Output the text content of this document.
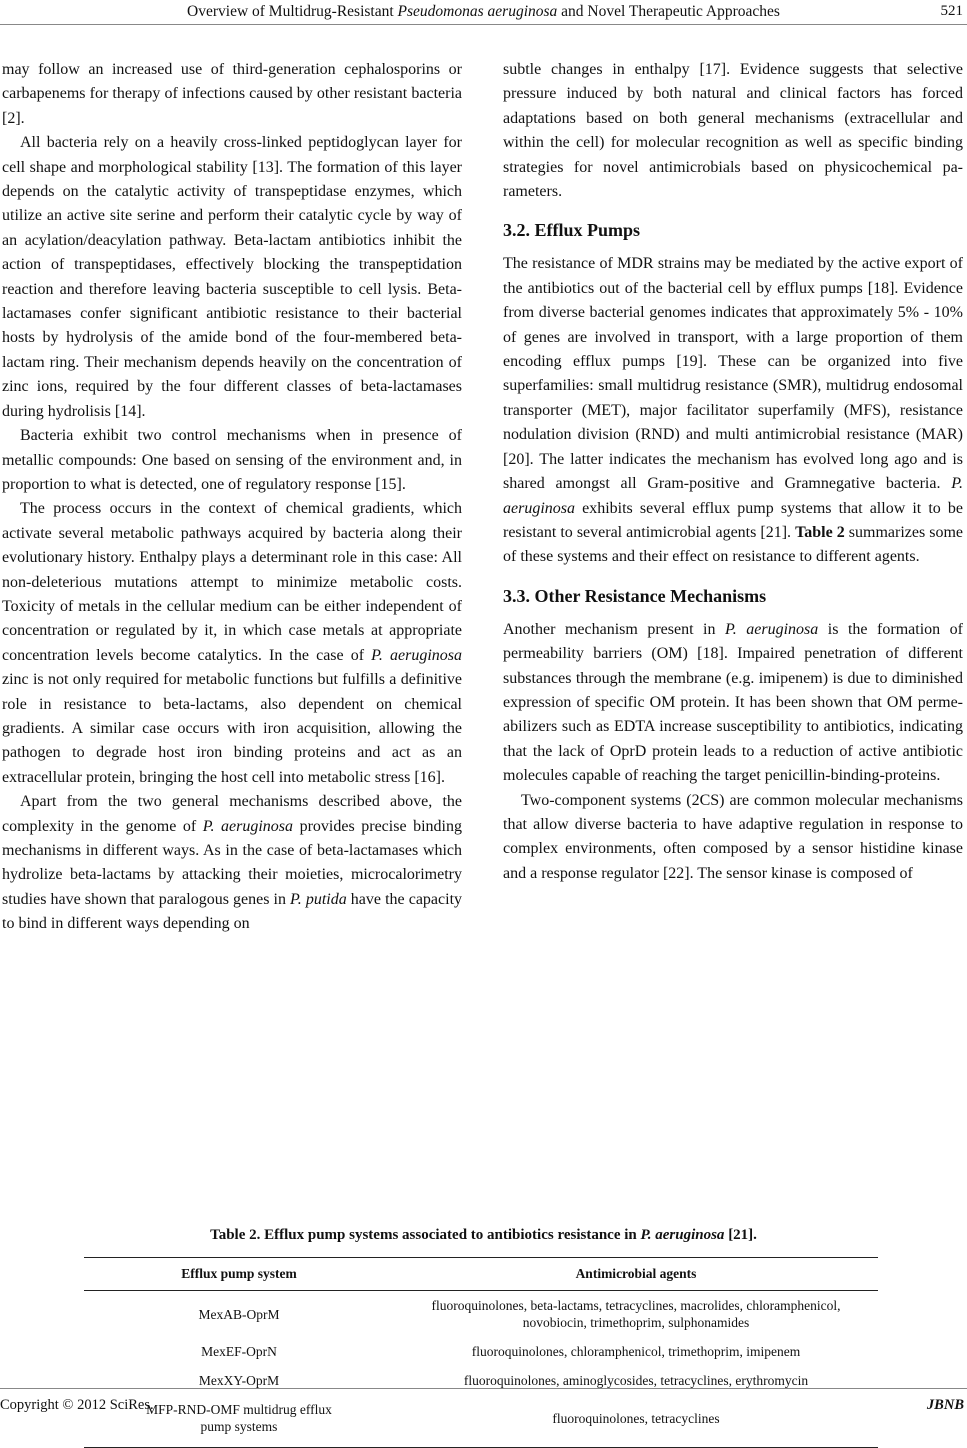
Overview of Multidrug-Resistant Pseudomonas aeruginosa and Novel Therapeutic Approaches	521

may follow an increased use of third-generation cephalosporins or carbapenems for therapy of infections caused by other resistant bacteria [2].

All bacteria rely on a heavily cross-linked peptidoglycan layer for cell shape and morphological stability [13]. The formation of this layer depends on the catalytic activity of transpeptidase enzymes, which utilize an active site serine and perform their catalytic cycle by way of an acylation/deacylation pathway. Beta-lactam antibiotics inhibit the action of transpeptidases, effectively blocking the transpeptidation reaction and therefore leaving bacteria susceptible to cell lysis. Beta-lactamases confer significant antibiotic resistance to their bacterial hosts by hydrolysis of the amide bond of the four-membered beta-lactam ring. Their mechanism depends heavily on the concentration of zinc ions, required by the four different classes of beta-lactamases during hydrolisis [14].

Bacteria exhibit two control mechanisms when in presence of metallic compounds: One based on sensing of the environment and, in proportion to what is detected, one of regulatory response [15].

The process occurs in the context of chemical gradients, which activate several metabolic pathways acquired by bacteria along their evolutionary history. Enthalpy plays a determinant role in this case: All non-deleterious mutations attempt to minimize metabolic costs. Toxicity of metals in the cellular medium can be either independent of concentration or regulated by it, in which case metals at appropriate concentration levels become catalytics. In the case of P. aeruginosa zinc is not only required for metabolic functions but fulfills a definitive role in resistance to beta-lactams, also dependent on chemical gradients. A similar case occurs with iron acquisition, allowing the pathogen to degrade host iron binding proteins and act as an extracellular protein, bringing the host cell into metabolic stress [16].

Apart from the two general mechanisms described above, the complexity in the genome of P. aeruginosa provides precise binding mechanisms in different ways. As in the case of beta-lactamases which hydrolize beta-lactams by attacking their moieties, microcalorimetry studies have shown that paralogous genes in P. putida have the capacity to bind in different ways depending on

subtle changes in enthalpy [17]. Evidence suggests that selective pressure induced by both natural and clinical factors has forced adaptations based on both general mechanisms (extracellular and within the cell) for molecular recognition as well as specific binding strategies for novel antimicrobials based on physicochemical parameters.

3.2. Efflux Pumps

The resistance of MDR strains may be mediated by the active export of the antibiotics out of the bacterial cell by efflux pumps [18]. Evidence from diverse bacterial genomes indicates that approximately 5% - 10% of genes are involved in transport, with a large proportion of them encoding efflux pumps [19]. These can be organized into five superfamilies: small multidrug resistance (SMR), multidrug endosomal transporter (MET), major facilitator superfamily (MFS), resistance nodulation division (RND) and multi antimicrobial resistance (MAR) [20]. The latter indicates the mechanism has evolved long ago and is shared amongst all Gram-positive and Gramnegative bacteria. P. aeruginosa exhibits several efflux pump systems that allow it to be resistant to several antimicrobial agents [21]. Table 2 summarizes some of these systems and their effect on resistance to different agents.

3.3. Other Resistance Mechanisms

Another mechanism present in P. aeruginosa is the formation of permeability barriers (OM) [18]. Impaired penetration of different substances through the membrane (e.g. imipenem) is due to diminished expression of specific OM protein. It has been shown that OM permeabilizers such as EDTA increase susceptibility to antibiotics, indicating that the lack of OprD protein leads to a reduction of active antibiotic molecules capable of reaching the target penicillin-binding-proteins.

Two-component systems (2CS) are common molecular mechanisms that allow diverse bacteria to have adaptive regulation in response to complex environments, often composed by a sensor histidine kinase and a response regulator [22]. The sensor kinase is composed of

Table 2. Efflux pump systems associated to antibiotics resistance in P. aeruginosa [21].
Efflux pump system	Antimicrobial agents
MexAB-OprM	fluoroquinolones, beta-lactams, tetracyclines, macrolides, chloramphenicol,
novobiocin, trimethoprim, sulphonamides
MexEF-OprN	fluoroquinolones, chloramphenicol, trimethoprim, imipenem
MexXY-OprM	fluoroquinolones, aminoglycosides, tetracyclines, erythromycin
MFP-RND-OMF multidrug efflux
pump systems	fluoroquinolones, tetracyclines
Copyright © 2012 SciRes.	JBNB
